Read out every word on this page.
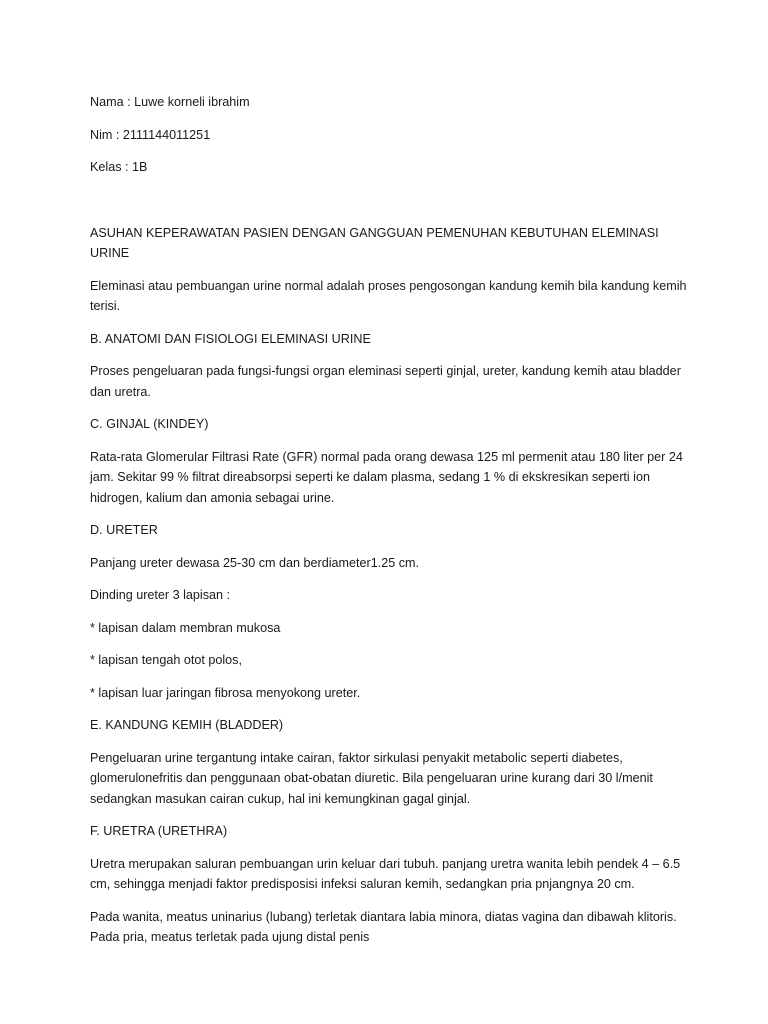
Nama : Luwe korneli ibrahim

Nim : 2111144011251

Kelas : 1B

ASUHAN KEPERAWATAN PASIEN DENGAN GANGGUAN PEMENUHAN KEBUTUHAN ELEMINASI URINE

Eleminasi atau pembuangan urine normal adalah proses pengosongan kandung kemih bila kandung kemih terisi.

B. ANATOMI DAN FISIOLOGI ELEMINASI URINE

Proses pengeluaran pada fungsi-fungsi organ eleminasi seperti ginjal, ureter, kandung kemih atau bladder dan uretra.

C. GINJAL (KINDEY)

Rata-rata Glomerular Filtrasi Rate (GFR) normal pada orang dewasa 125 ml permenit atau 180 liter per 24 jam. Sekitar 99 % filtrat direabsorpsi seperti ke dalam plasma, sedang 1 % di ekskresikan seperti ion hidrogen, kalium dan amonia sebagai urine.

D. URETER

Panjang ureter dewasa 25-30 cm dan berdiameter1.25 cm.

Dinding ureter 3 lapisan :

* lapisan dalam membran mukosa

* lapisan tengah otot polos,

* lapisan luar jaringan fibrosa menyokong ureter.

E. KANDUNG KEMIH (BLADDER)

Pengeluaran urine tergantung intake cairan, faktor sirkulasi penyakit metabolic seperti diabetes, glomerulonefritis dan penggunaan obat-obatan diuretic. Bila pengeluaran urine kurang dari 30 l/menit sedangkan masukan cairan cukup, hal ini kemungkinan gagal ginjal.

F. URETRA (URETHRA)

Uretra merupakan saluran pembuangan urin keluar dari tubuh. panjang uretra wanita lebih pendek 4 – 6.5 cm, sehingga menjadi faktor predisposisi infeksi saluran kemih, sedangkan pria pnjangnya 20 cm.

Pada wanita, meatus uninarius (lubang) terletak diantara labia minora, diatas vagina dan dibawah klitoris. Pada pria, meatus terletak pada ujung distal penis
